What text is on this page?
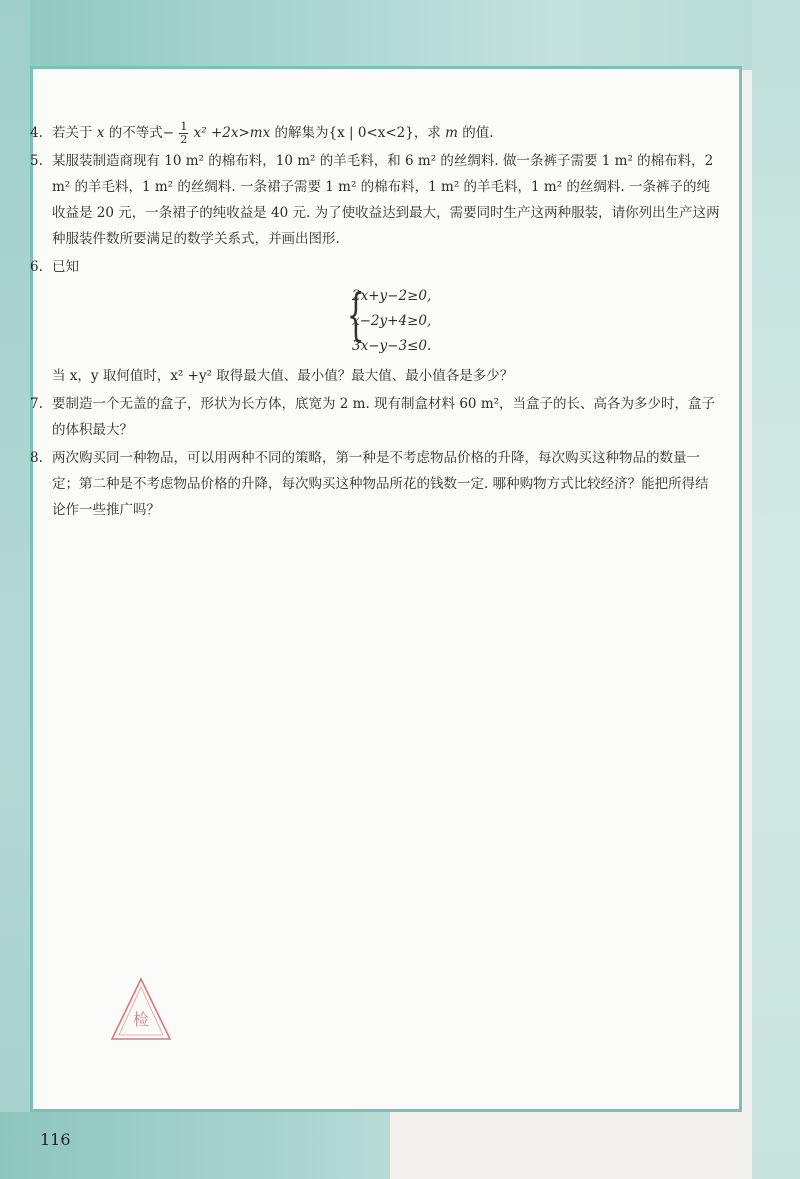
4. 若关于 x 的不等式− $\frac{1}{2} x^2 +2x>mx$ 的解集为{x | 0<x<2}，求 m 的值.
5. 某服装制造商现有 10 m² 的棉布料，10 m² 的羊毛料，和 6 m² 的丝绸料. 做一条裤子需要 1 m² 的棉布料，2 m² 的羊毛料，1 m² 的丝绸料. 一条裙子需要 1 m² 的棉布料，1 m² 的羊毛料，1 m² 的丝绸料. 一条裤子的纯收益是 20 元，一条裙子的纯收益是 40 元. 为了使收益达到最大，需要同时生产这两种服装，请你列出生产这两种服装件数所要满足的数学关系式，并画出图形.
6. 已知
{
2x+y−2≥0,
x−2y+4≥0,
3x−y−3≤0.
当 x，y 取何值时，x² +y² 取得最大值、最小值？最大值、最小值各是多少？
7. 要制造一个无盖的盒子，形状为长方体，底宽为 2 m. 现有制盒材料 60 m²，当盒子的长、高各为多少时，盒子的体积最大？
8. 两次购买同一种物品，可以用两种不同的策略，第一种是不考虑物品价格的升降，每次购买这种物品的数量一定；第二种是不考虑物品价格的升降，每次购买这种物品所花的钱数一定. 哪种购物方式比较经济？能把所得结论作一些推广吗？
检
116
